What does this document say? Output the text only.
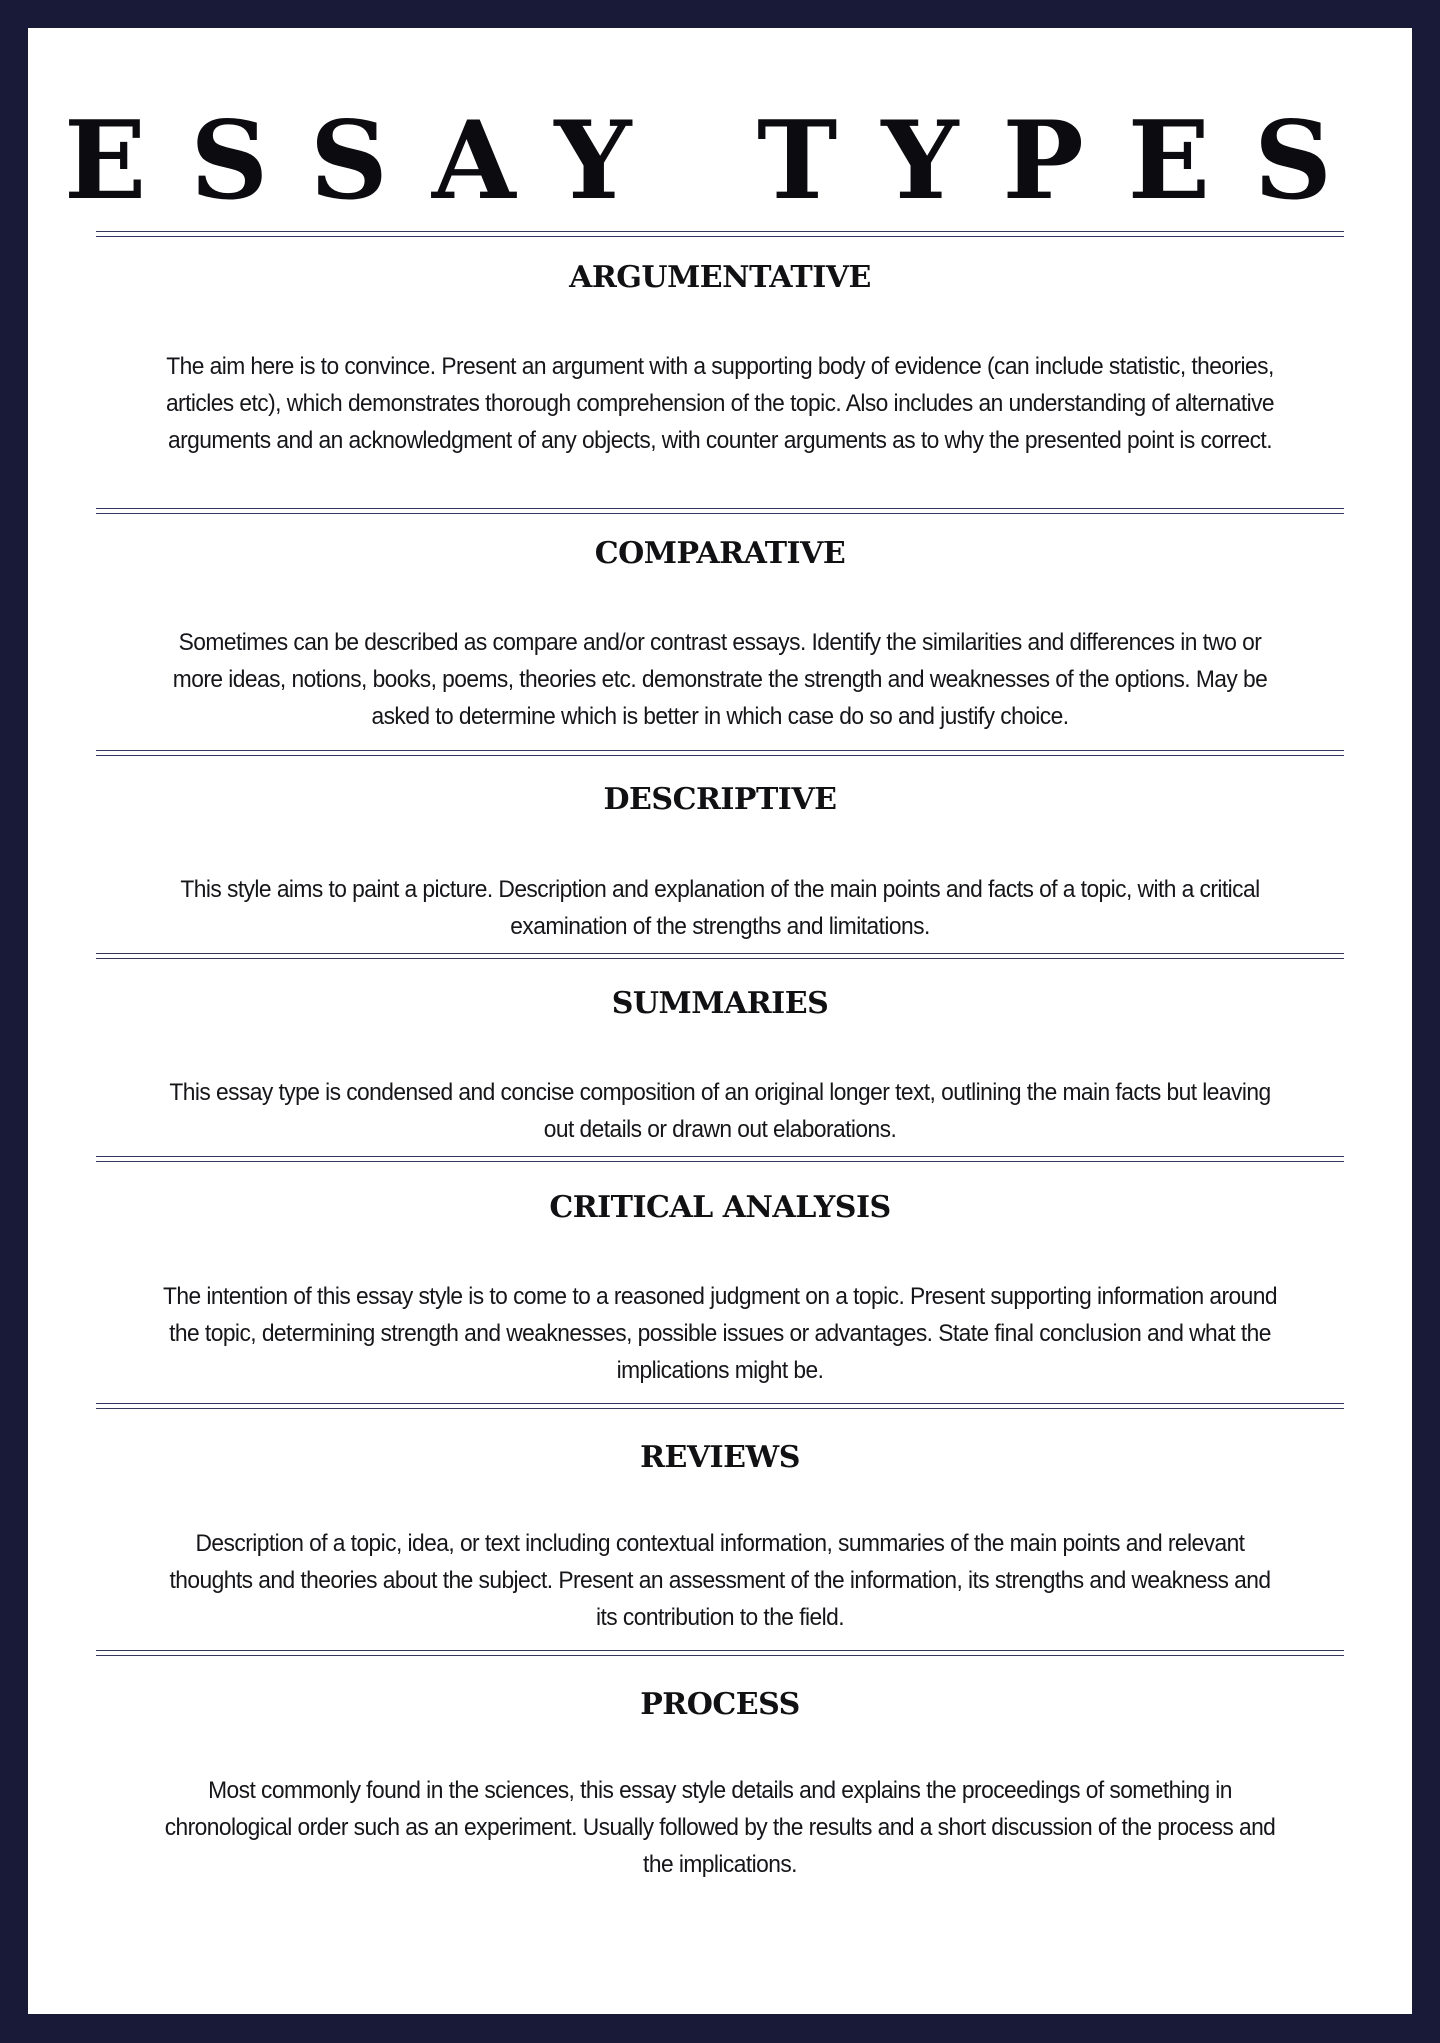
ESSAY TYPES
ARGUMENTATIVE
The aim here is to convince. Present an argument with a supporting body of evidence (can include statistic, theories, articles etc), which demonstrates thorough comprehension of the topic. Also includes an understanding of alternative arguments and an acknowledgment of any objects, with counter arguments as to why the presented point is correct.
COMPARATIVE
Sometimes can be described as compare and/or contrast essays. Identify the similarities and differences in two or more ideas, notions, books, poems, theories etc. demonstrate the strength and weaknesses of the options. May be asked to determine which is better in which case do so and justify choice.
DESCRIPTIVE
This style aims to paint a picture. Description and explanation of the main points and facts of a topic, with a critical examination of the strengths and limitations.
SUMMARIES
This essay type is condensed and concise composition of an original longer text, outlining the main facts but leaving out details or drawn out elaborations.
CRITICAL ANALYSIS
The intention of this essay style is to come to a reasoned judgment on a topic. Present supporting information around the topic, determining strength and weaknesses, possible issues or advantages. State final conclusion and what the implications might be.
REVIEWS
Description of a topic, idea, or text including contextual information, summaries of the main points and relevant thoughts and theories about the subject. Present an assessment of the information, its strengths and weakness and its contribution to the field.
PROCESS
Most commonly found in the sciences, this essay style details and explains the proceedings of something in chronological order such as an experiment. Usually followed by the results and a short discussion of the process and the implications.
